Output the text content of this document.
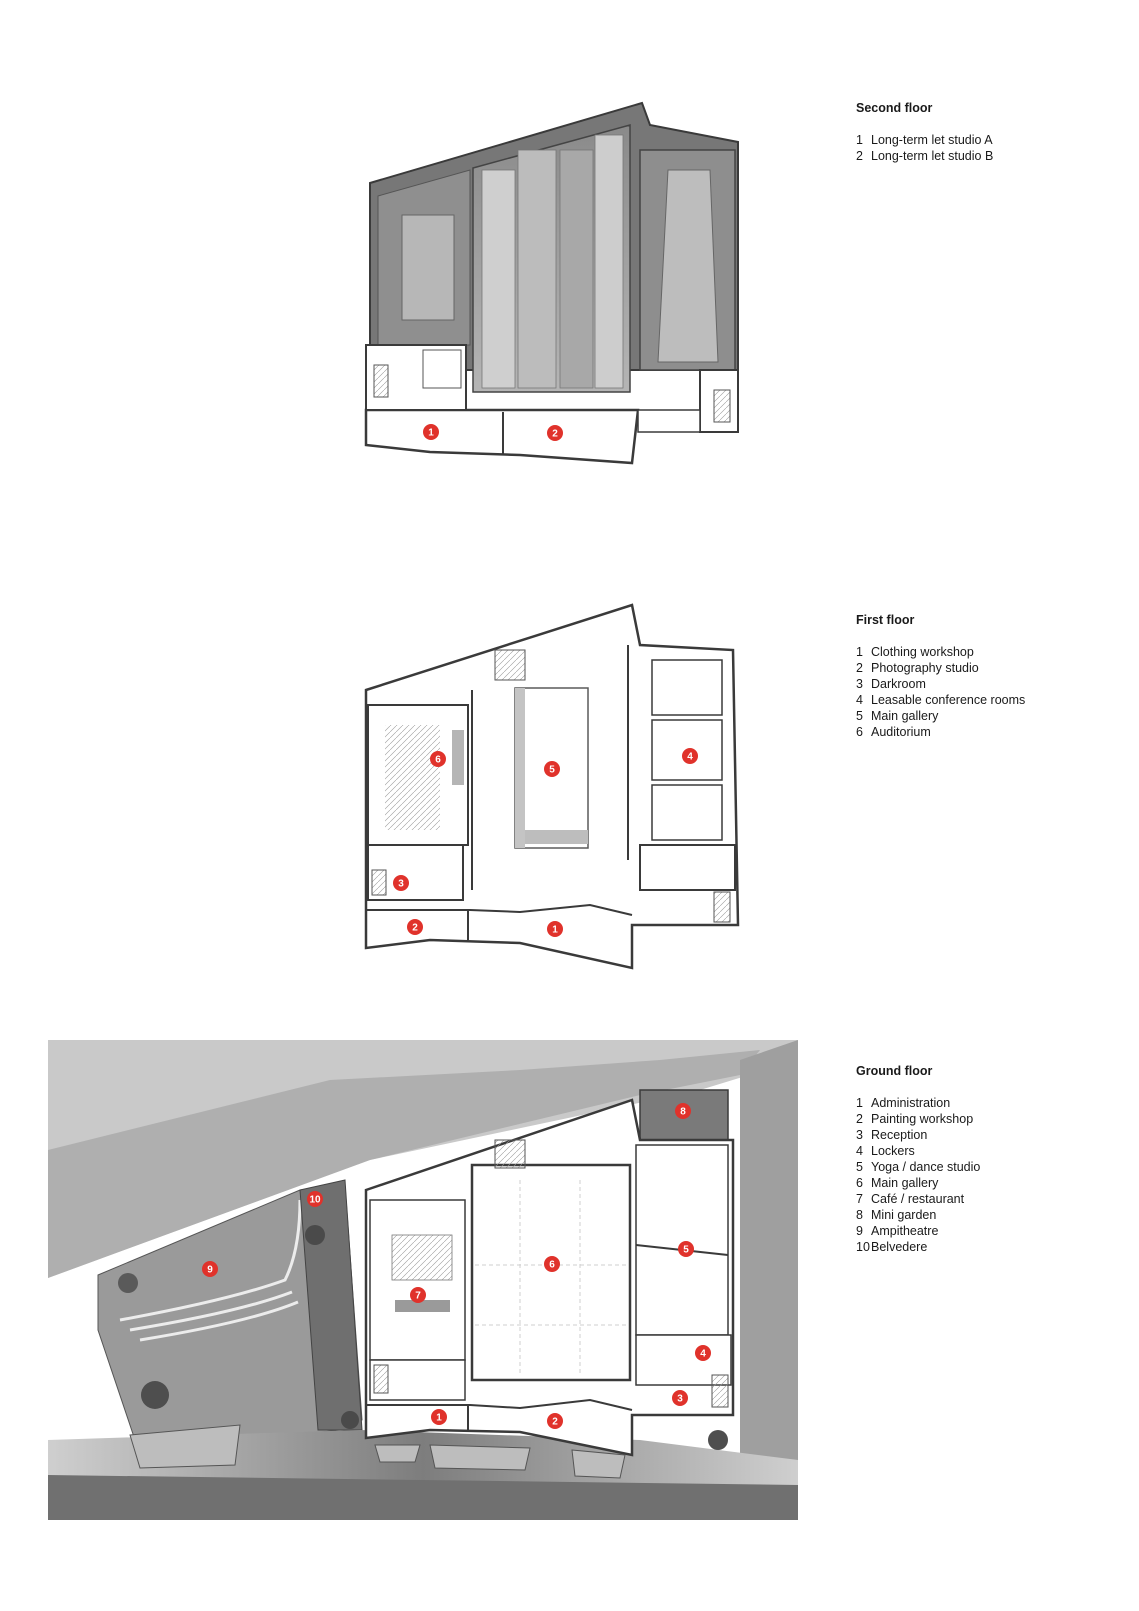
Second floor
1 Long-term let studio A
2 Long-term let studio B
First floor
1 Clothing workshop
2 Photography studio
3 Darkroom
4 Leasable conference rooms
5 Main gallery
6 Auditorium
Ground floor
1 Administration
2 Painting workshop
3 Reception
4 Lockers
5 Yoga / dance studio
6 Main gallery
7 Café / restaurant
8 Mini garden
9 Ampitheatre
10 Belvedere
1	2
1
2
3
4
5
6
1	2
3
4
5
6
7
8
9
10
